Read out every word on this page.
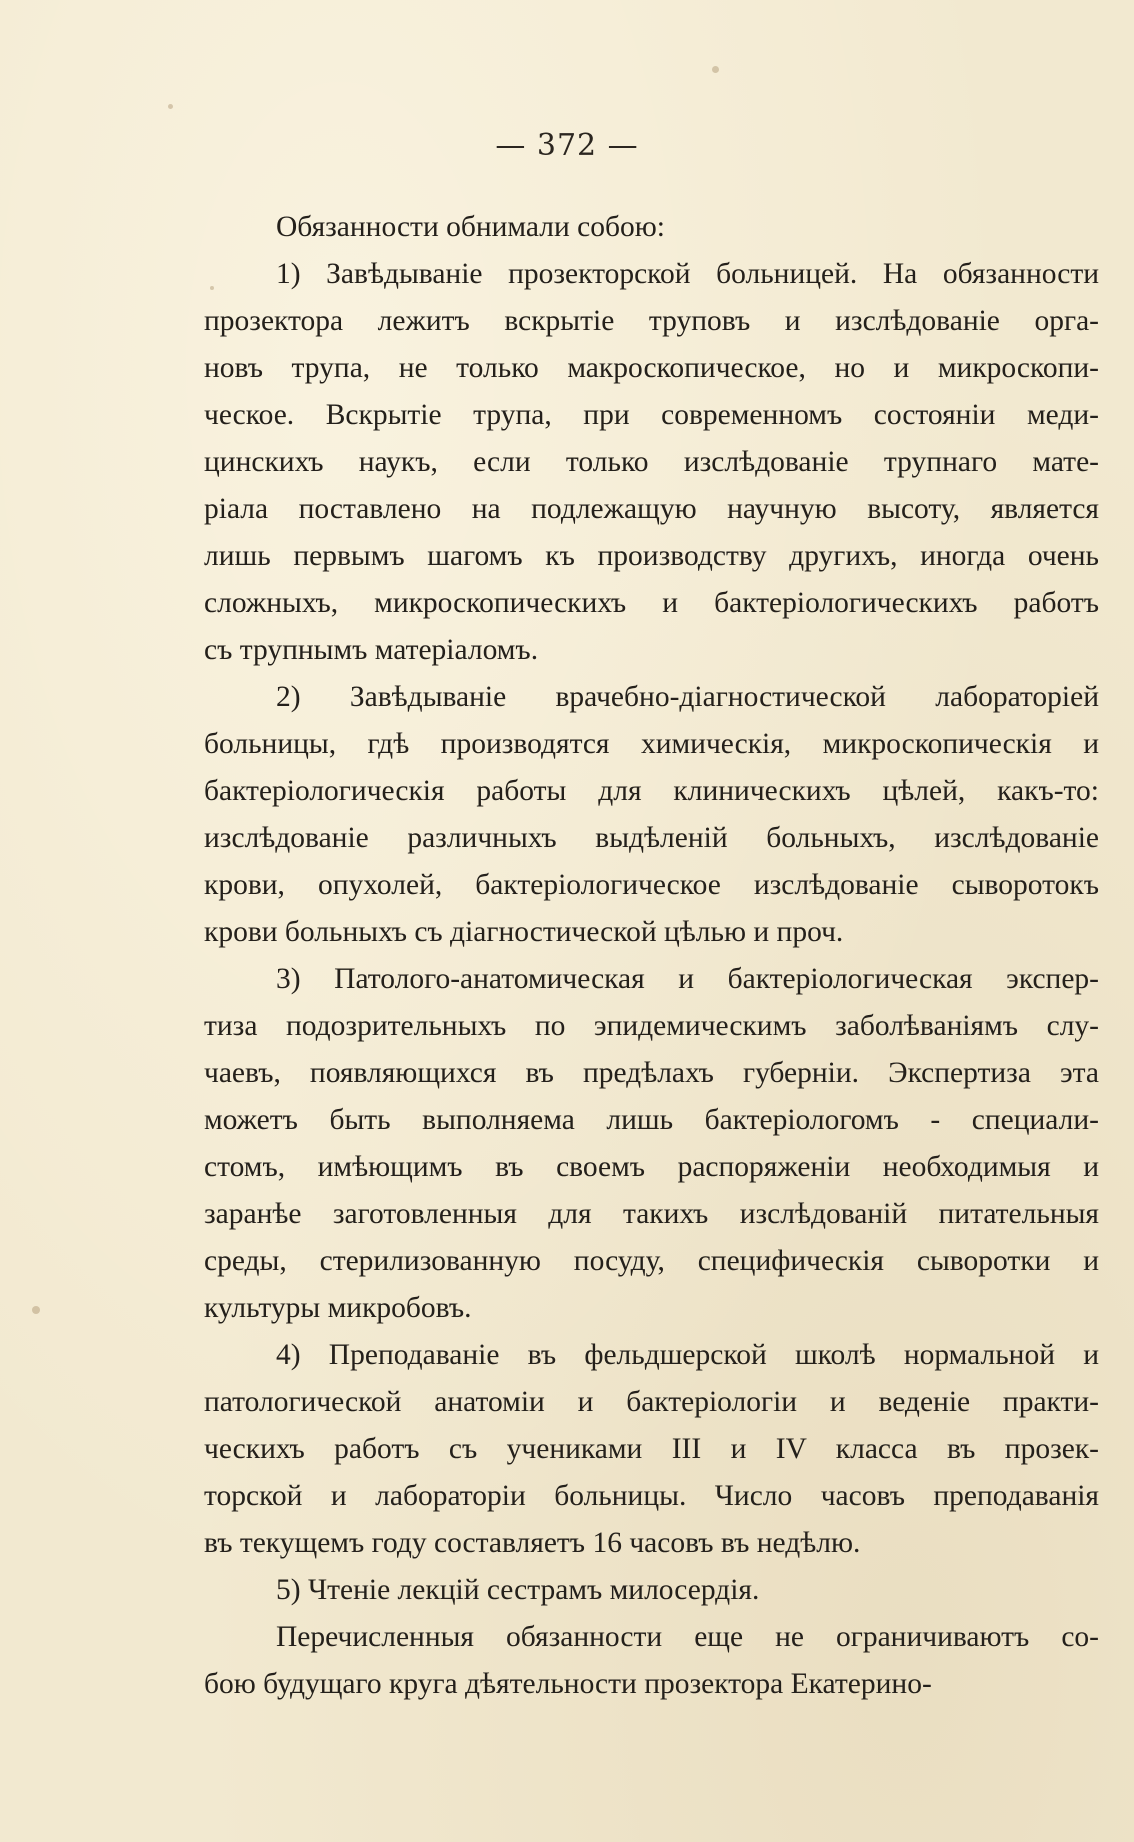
— 372 —
Обязанности обнимали собою:
1) Завѣдываніе прозекторской больницей. На обязанности
прозектора лежитъ вскрытіе труповъ и изслѣдованіе орга-
новъ трупа, не только макроскопическое, но и микроскопи-
ческое. Вскрытіе трупа, при современномъ состояніи меди-
цинскихъ наукъ, если только изслѣдованіе трупнаго мате-
ріала поставлено на подлежащую научную высоту, является
лишь первымъ шагомъ къ производству другихъ, иногда очень
сложныхъ, микроскопическихъ и бактеріологическихъ работъ
съ трупнымъ матеріаломъ.
2) Завѣдываніе врачебно-діагностической лабораторіей
больницы, гдѣ производятся химическія, микроскопическія и
бактеріологическія работы для клиническихъ цѣлей, какъ-то:
изслѣдованіе различныхъ выдѣленій больныхъ, изслѣдованіе
крови, опухолей, бактеріологическое изслѣдованіе сыворотокъ
крови больныхъ съ діагностической цѣлью и проч.
3) Патолого-анатомическая и бактеріологическая экспер-
тиза подозрительныхъ по эпидемическимъ заболѣваніямъ слу-
чаевъ, появляющихся въ предѣлахъ губерніи. Экспертиза эта
можетъ быть выполняема лишь бактеріологомъ - специали-
стомъ, имѣющимъ въ своемъ распоряженіи необходимыя и
заранѣе заготовленныя для такихъ изслѣдованій питательныя
среды, стерилизованную посуду, специфическія сыворотки и
культуры микробовъ.
4) Преподаваніе въ фельдшерской школѣ нормальной и
патологической анатоміи и бактеріологіи и веденіе практи-
ческихъ работъ съ учениками III и IV класса въ прозек-
торской и лабораторіи больницы. Число часовъ преподаванія
въ текущемъ году составляетъ 16 часовъ въ недѣлю.
5) Чтеніе лекцій сестрамъ милосердія.
Перечисленныя обязанности еще не ограничиваютъ со-
бою будущаго круга дѣятельности прозектора Екатерино-
